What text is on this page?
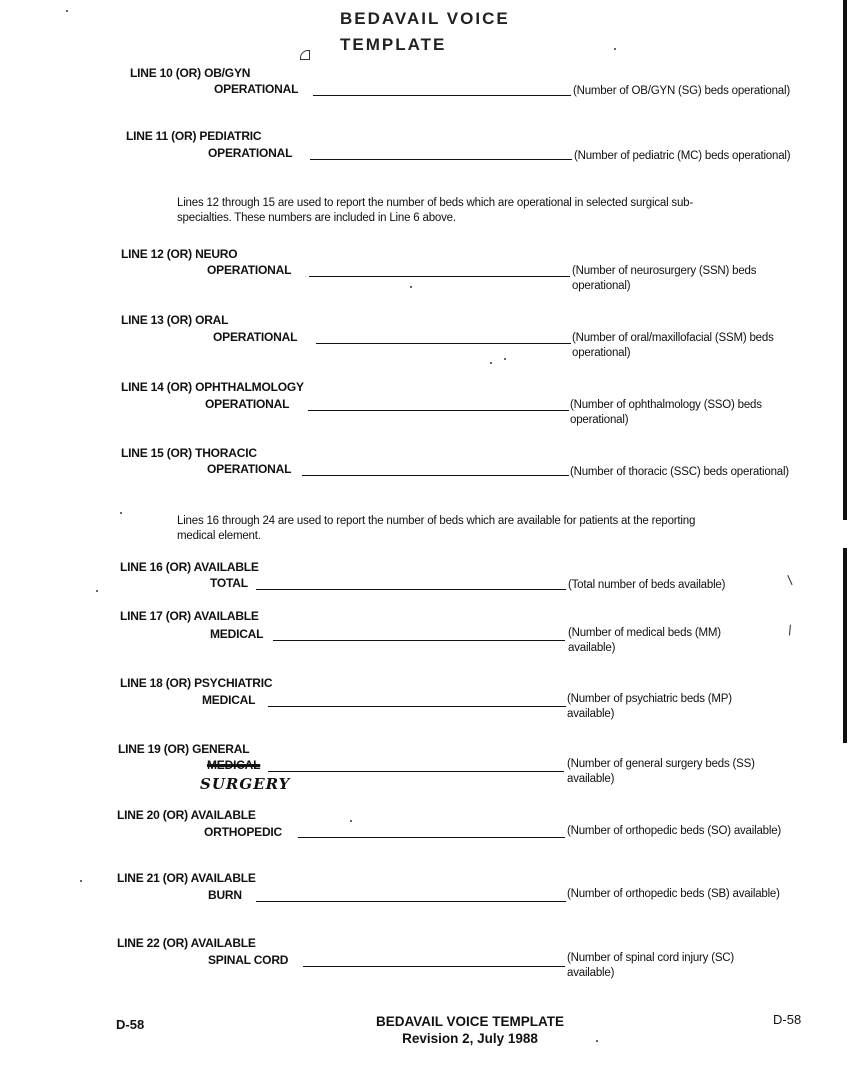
BEDAVAIL VOICE TEMPLATE
LINE 10 (OR) OB/GYN
OPERATIONAL	(Number of OB/GYN (SG) beds operational)
LINE 11 (OR) PEDIATRIC
OPERATIONAL	(Number of pediatric (MC) beds operational)
Lines 12 through 15 are used to report the number of beds which are operational in selected surgical sub-specialties. These numbers are included in Line 6 above.
LINE 12 (OR) NEURO
OPERATIONAL	(Number of neurosurgery (SSN) beds operational)
LINE 13 (OR) ORAL
OPERATIONAL	(Number of oral/maxillofacial (SSM) beds operational)
LINE 14 (OR) OPHTHALMOLOGY
OPERATIONAL	(Number of ophthalmology (SSO) beds operational)
LINE 15 (OR) THORACIC
OPERATIONAL	(Number of thoracic (SSC) beds operational)
Lines 16 through 24 are used to report the number of beds which are available for patients at the reporting medical element.
LINE 16 (OR) AVAILABLE
TOTAL	(Total number of beds available)
LINE 17 (OR) AVAILABLE
MEDICAL	(Number of medical beds (MM) available)
LINE 18 (OR) PSYCHIATRIC
MEDICAL	(Number of psychiatric beds (MP) available)
LINE 19 (OR) GENERAL
MEDICAL	(Number of general surgery beds (SS) available)
SURGERY
LINE 20 (OR) AVAILABLE
ORTHOPEDIC	(Number of orthopedic beds (SO) available)
LINE 21 (OR) AVAILABLE
BURN	(Number of orthopedic beds (SB) available)
LINE 22 (OR) AVAILABLE
SPINAL CORD	(Number of spinal cord injury (SC) available)
D-58	BEDAVAIL VOICE TEMPLATE
Revision 2, July 1988
D-58
/
/
